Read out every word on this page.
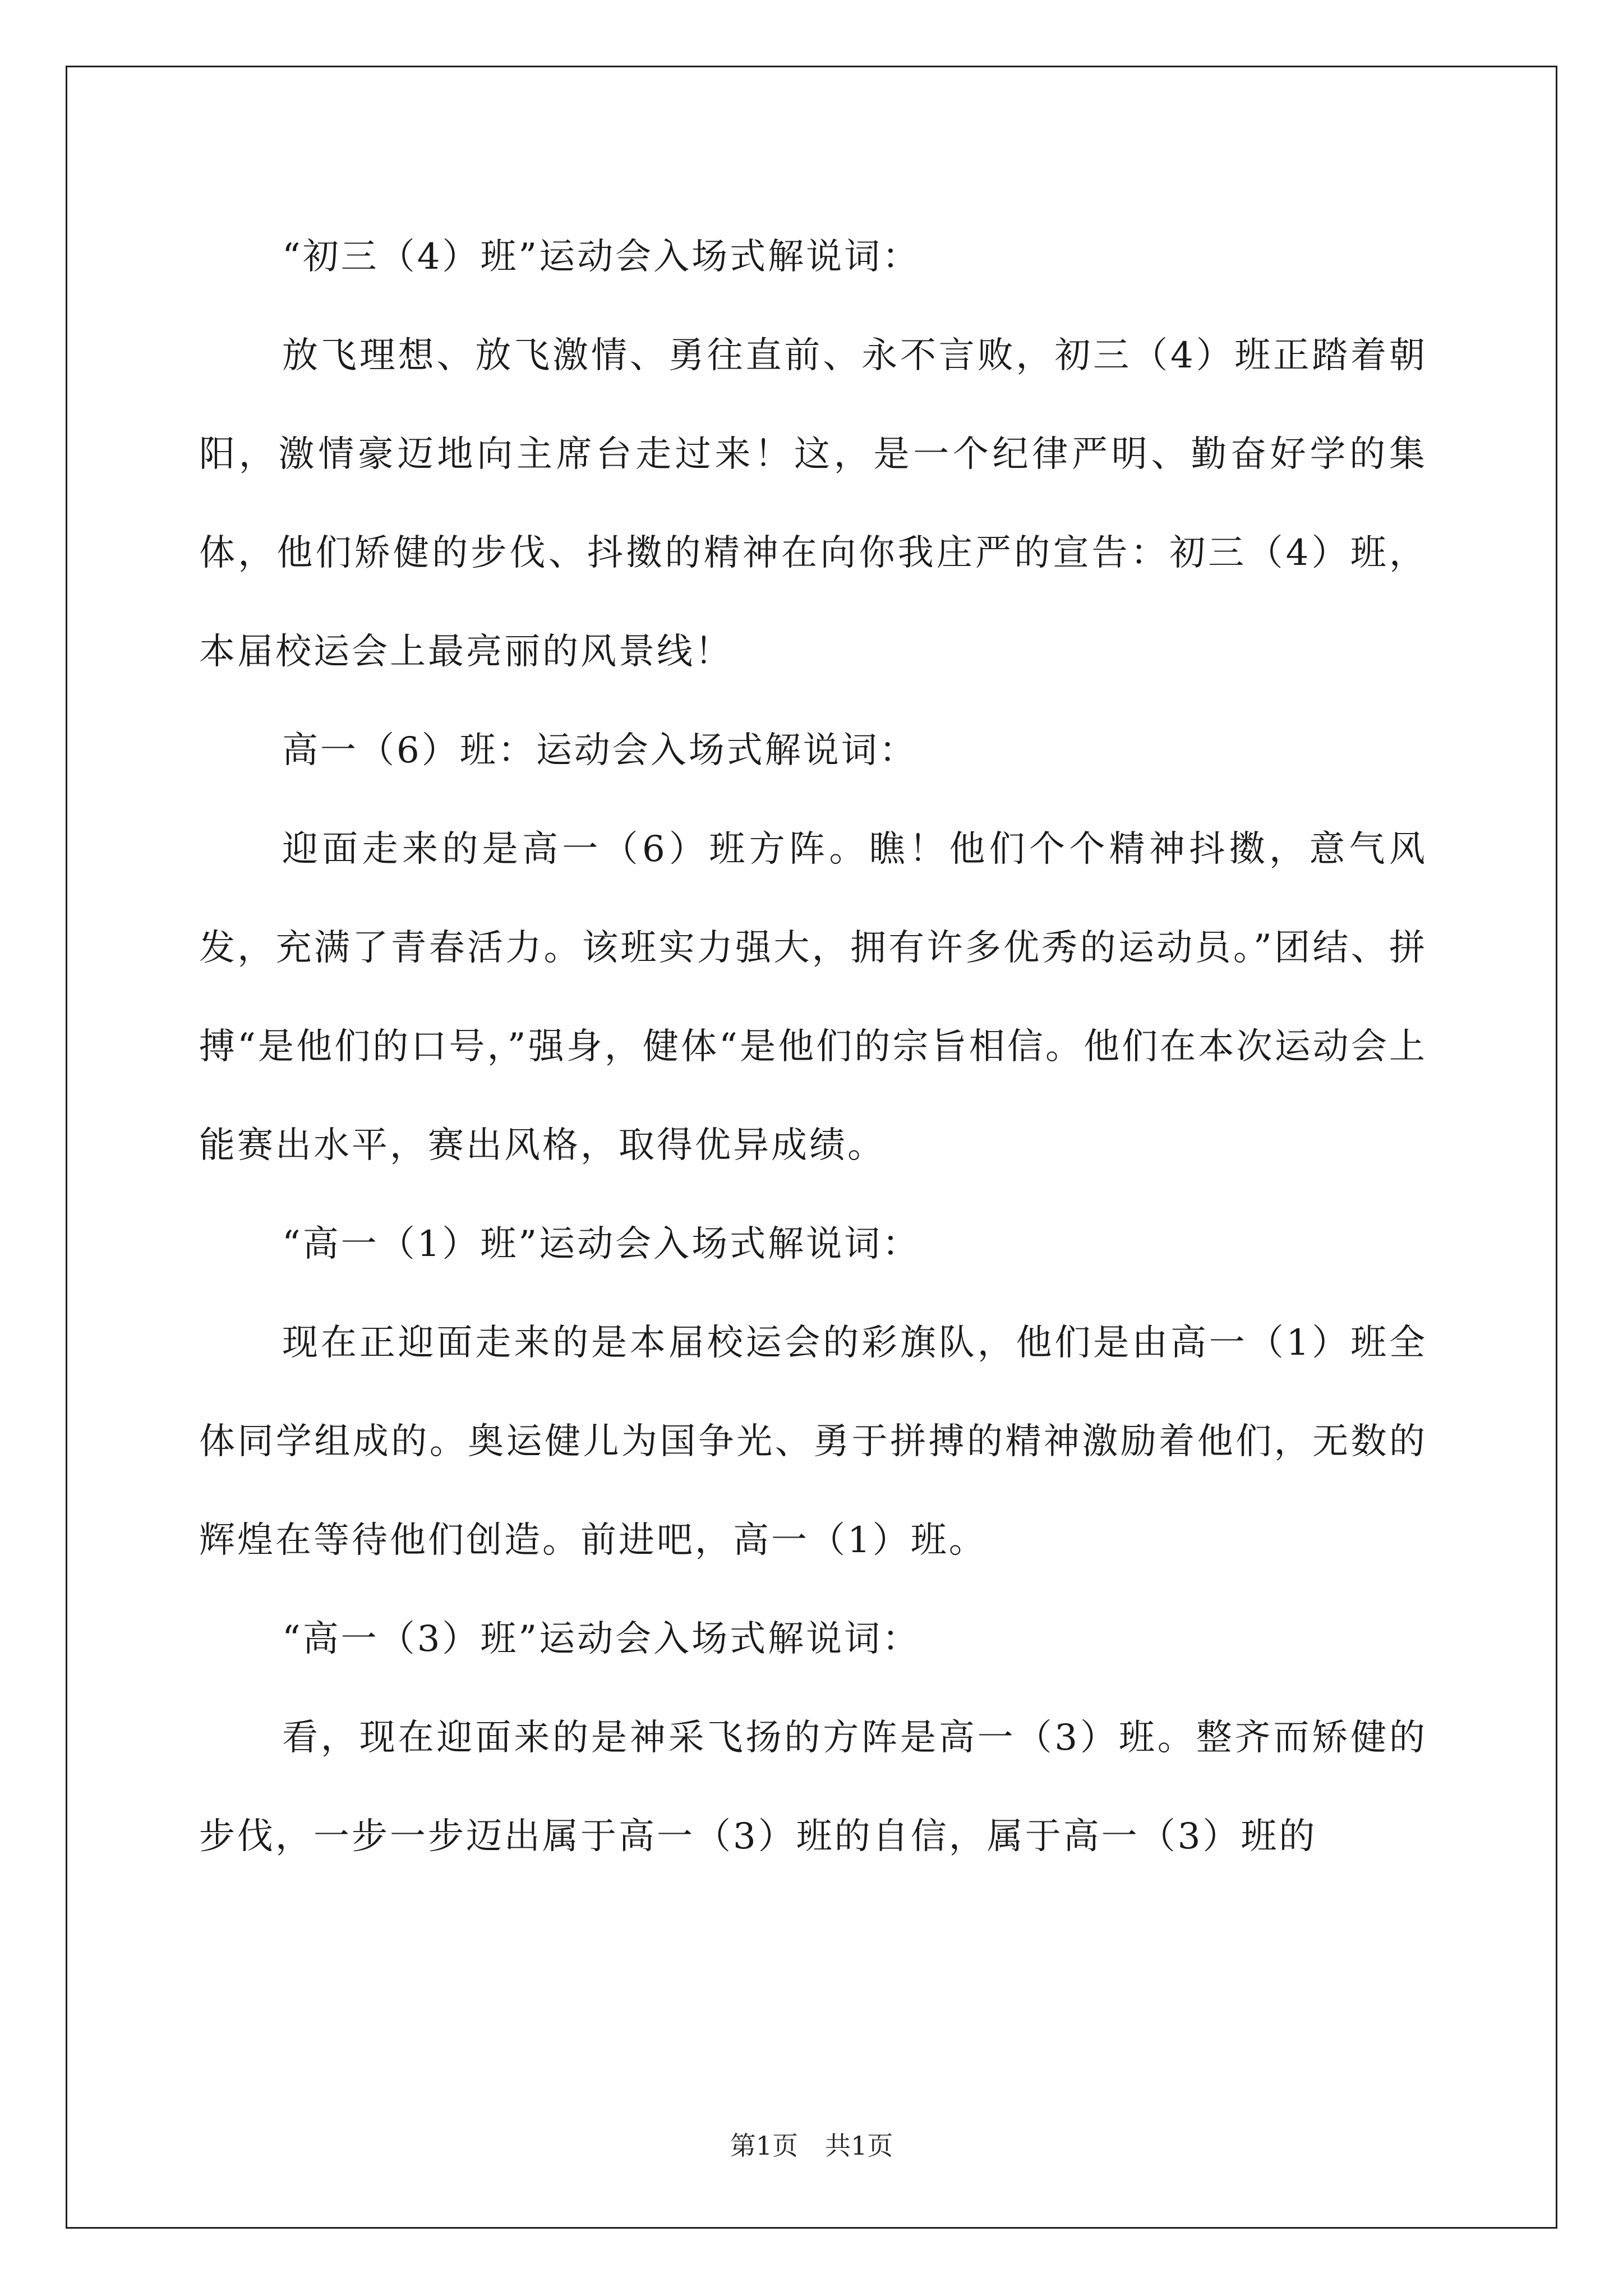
“初三（4）班”运动会入场式解说词：

放飞理想、放飞激情、勇往直前、永不言败，初三（4）班正踏着朝阳，激情豪迈地向主席台走过来！这，是一个纪律严明、勤奋好学的集体，他们矫健的步伐、抖擞的精神在向你我庄严的宣告：初三（4）班，本届校运会上最亮丽的风景线！

高一（6）班：运动会入场式解说词：

迎面走来的是高一（6）班方阵。瞧！他们个个精神抖擞，意气风发，充满了青春活力。该班实力强大，拥有许多优秀的运动员。”团结、拼搏“是他们的口号，”强身，健体“是他们的宗旨相信。他们在本次运动会上能赛出水平，赛出风格，取得优异成绩。

“高一（1）班”运动会入场式解说词：

现在正迎面走来的是本届校运会的彩旗队，他们是由高一（1）班全体同学组成的。奥运健儿为国争光、勇于拼搏的精神激励着他们，无数的辉煌在等待他们创造。前进吧，高一（1）班。

“高一（3）班”运动会入场式解说词：

看，现在迎面来的是神采飞扬的方阵是高一（3）班。整齐而矫健的步伐，一步一步迈出属于高一（3）班的自信，属于高一（3）班的

第1页 共1页
